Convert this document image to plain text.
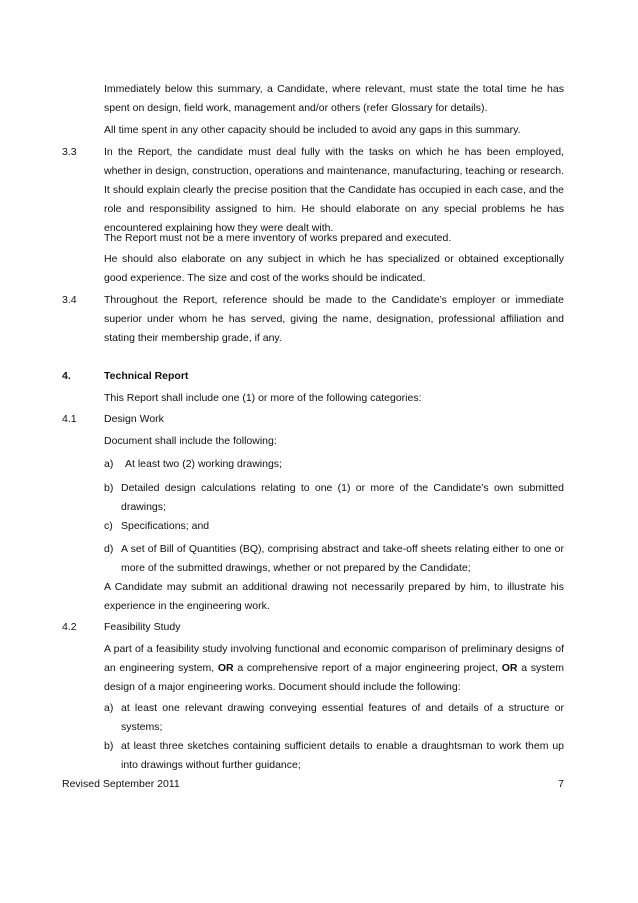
Immediately below this summary, a Candidate, where relevant, must state the total time he has spent on design, field work, management and/or others (refer Glossary for details).

All time spent in any other capacity should be included to avoid any gaps in this summary.

3.3	In the Report, the candidate must deal fully with the tasks on which he has been employed, whether in design, construction, operations and maintenance, manufacturing, teaching or research. It should explain clearly the precise position that the Candidate has occupied in each case, and the role and responsibility assigned to him. He should elaborate on any special problems he has encountered explaining how they were dealt with.

The Report must not be a mere inventory of works prepared and executed.

He should also elaborate on any subject in which he has specialized or obtained exceptionally good experience. The size and cost of the works should be indicated.

3.4	Throughout the Report, reference should be made to the Candidate’s employer or immediate superior under whom he has served, giving the name, designation, professional affiliation and stating their membership grade, if any.

4.	Technical Report

This Report shall include one (1) or more of the following categories:

4.1	Design Work

Document shall include the following:

a) At least two (2) working drawings;

b) Detailed design calculations relating to one (1) or more of the Candidate’s own submitted drawings;

c) Specifications; and

d) A set of Bill of Quantities (BQ), comprising abstract and take-off sheets relating either to one or more of the submitted drawings, whether or not prepared by the Candidate;

A Candidate may submit an additional drawing not necessarily prepared by him, to illustrate his experience in the engineering work.

4.2	Feasibility Study

A part of a feasibility study involving functional and economic comparison of preliminary designs of an engineering system, OR a comprehensive report of a major engineering project, OR a system design of a major engineering works. Document should include the following:

a) at least one relevant drawing conveying essential features of and details of a structure or systems;

b) at least three sketches containing sufficient details to enable a draughtsman to work them up into drawings without further guidance;

Revised September 2011	7
